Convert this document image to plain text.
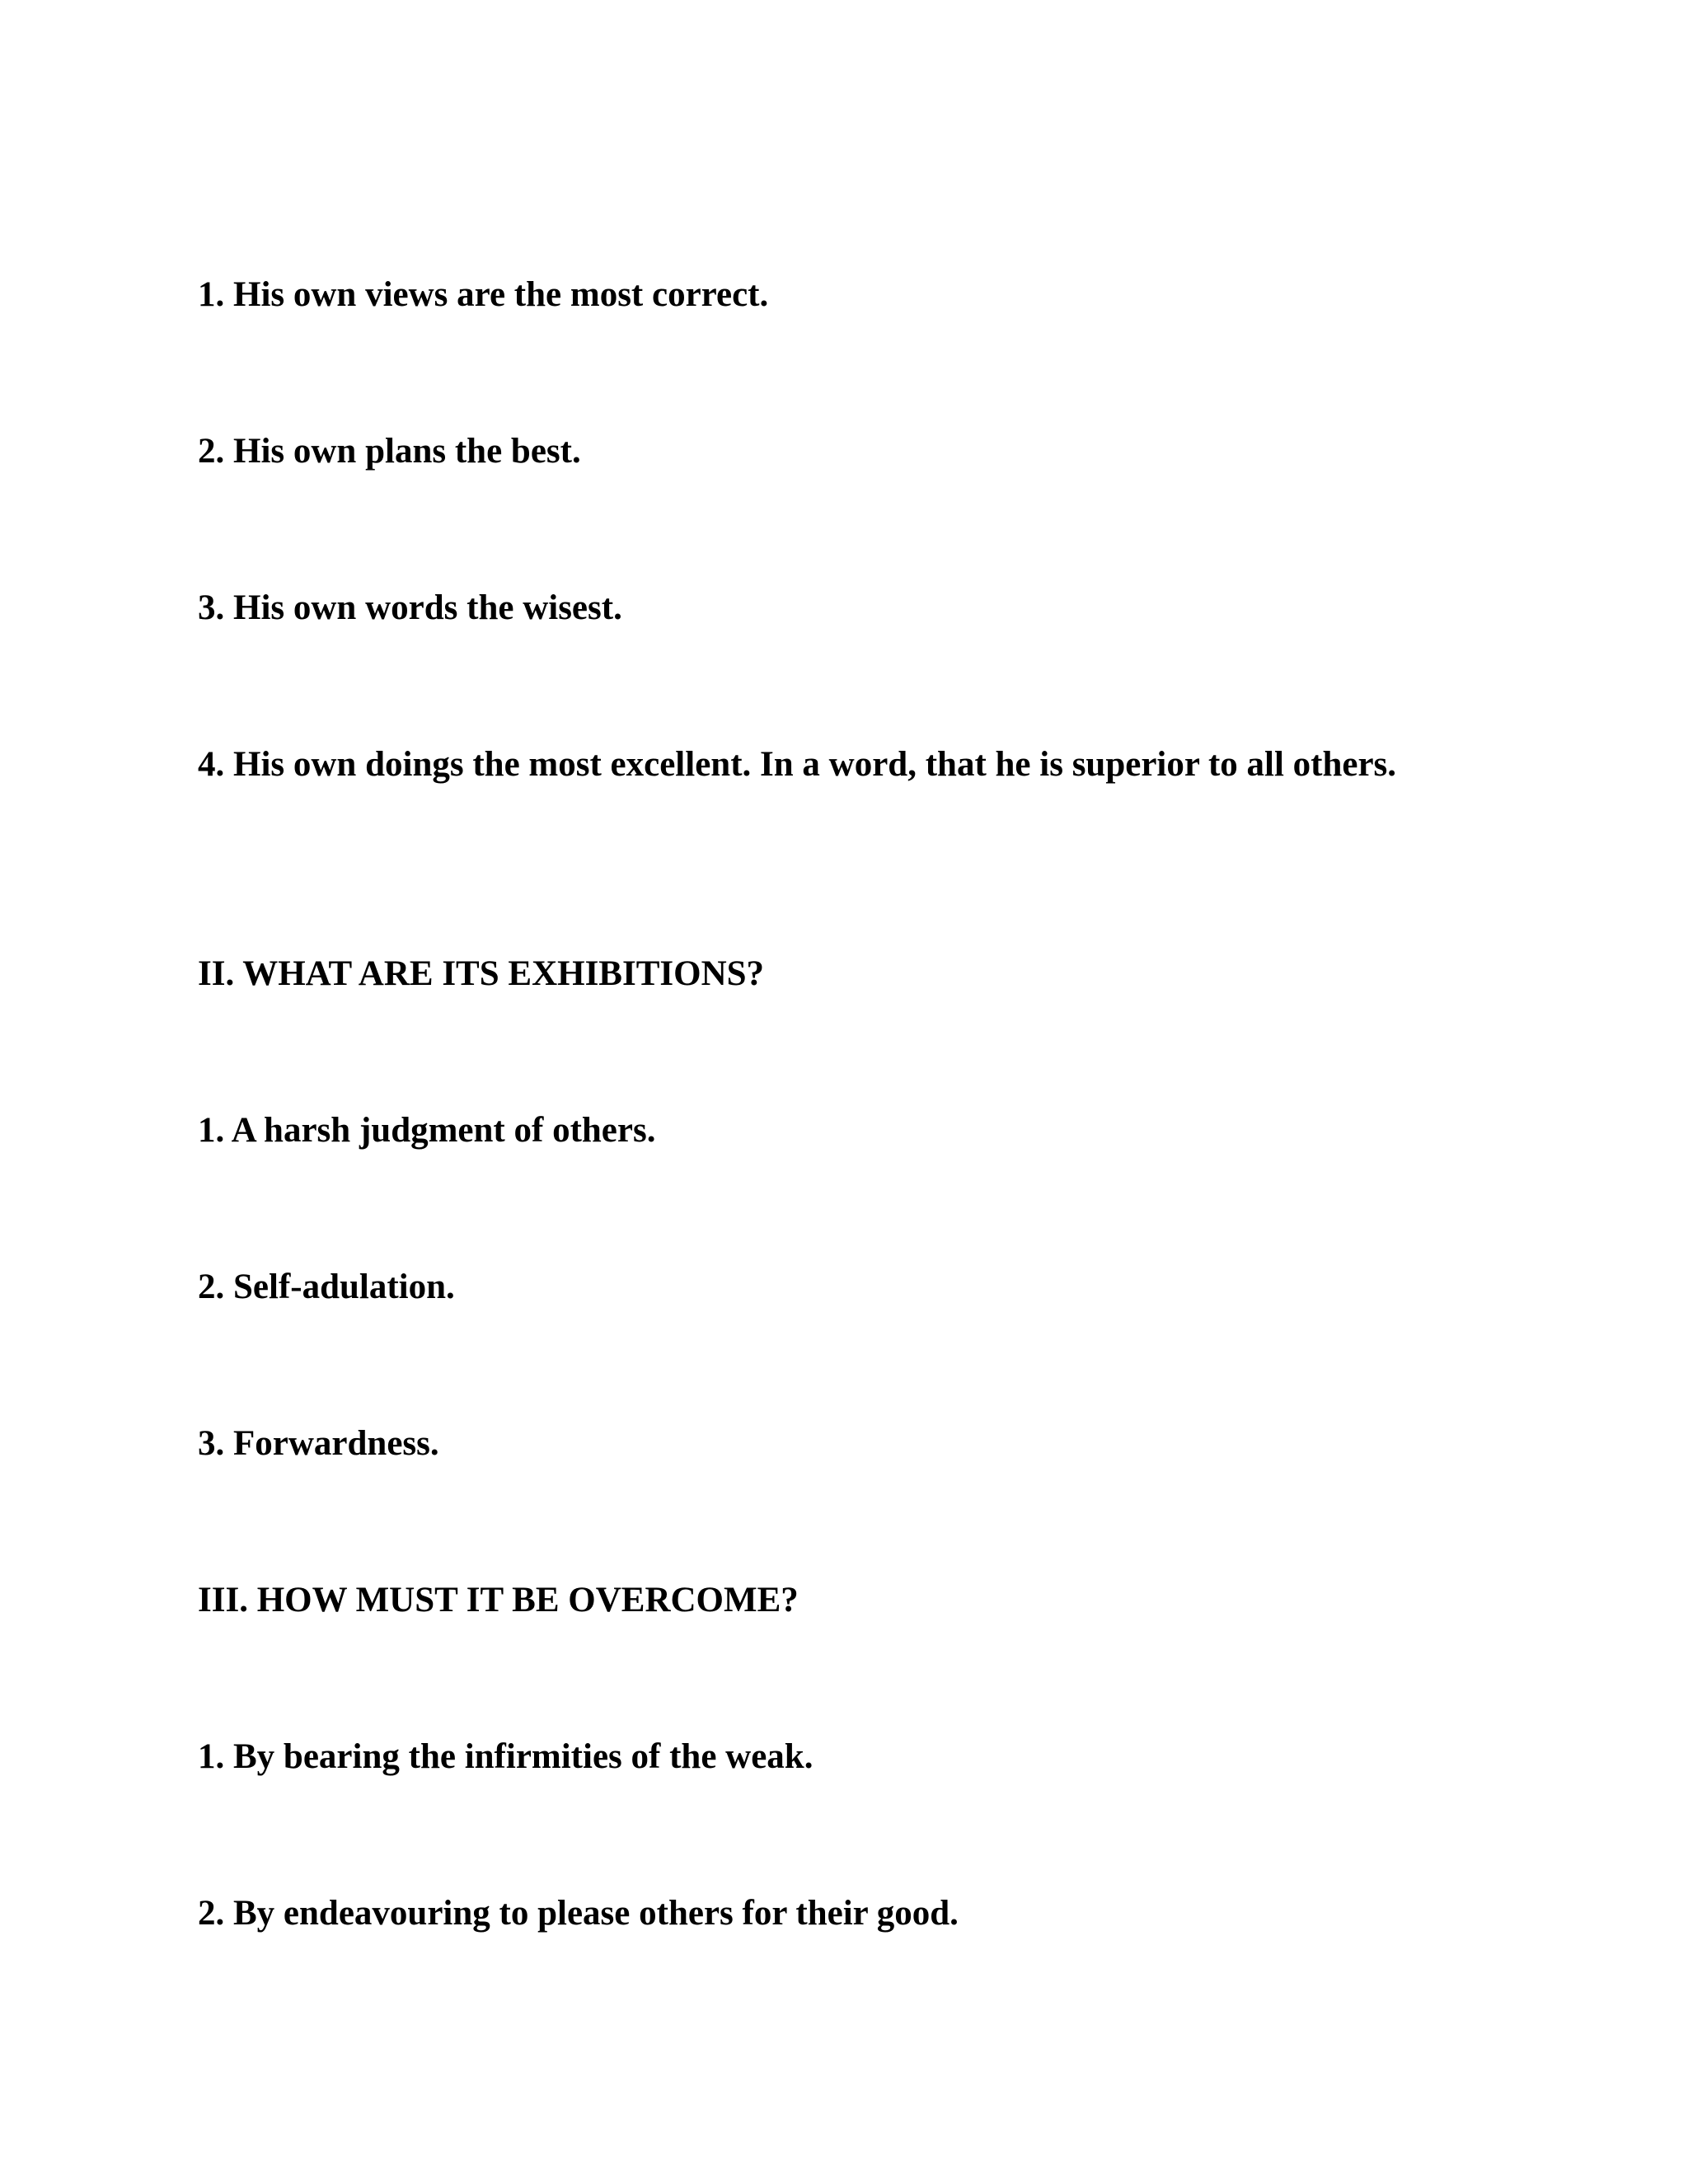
1. His own views are the most correct.
2. His own plans the best.
3. His own words the wisest.
4. His own doings the most excellent. In a word, that he is superior to all others.
II. WHAT ARE ITS EXHIBITIONS?
1. A harsh judgment of others.
2. Self-adulation.
3. Forwardness.
III. HOW MUST IT BE OVERCOME?
1. By bearing the infirmities of the weak.
2. By endeavouring to please others for their good.
